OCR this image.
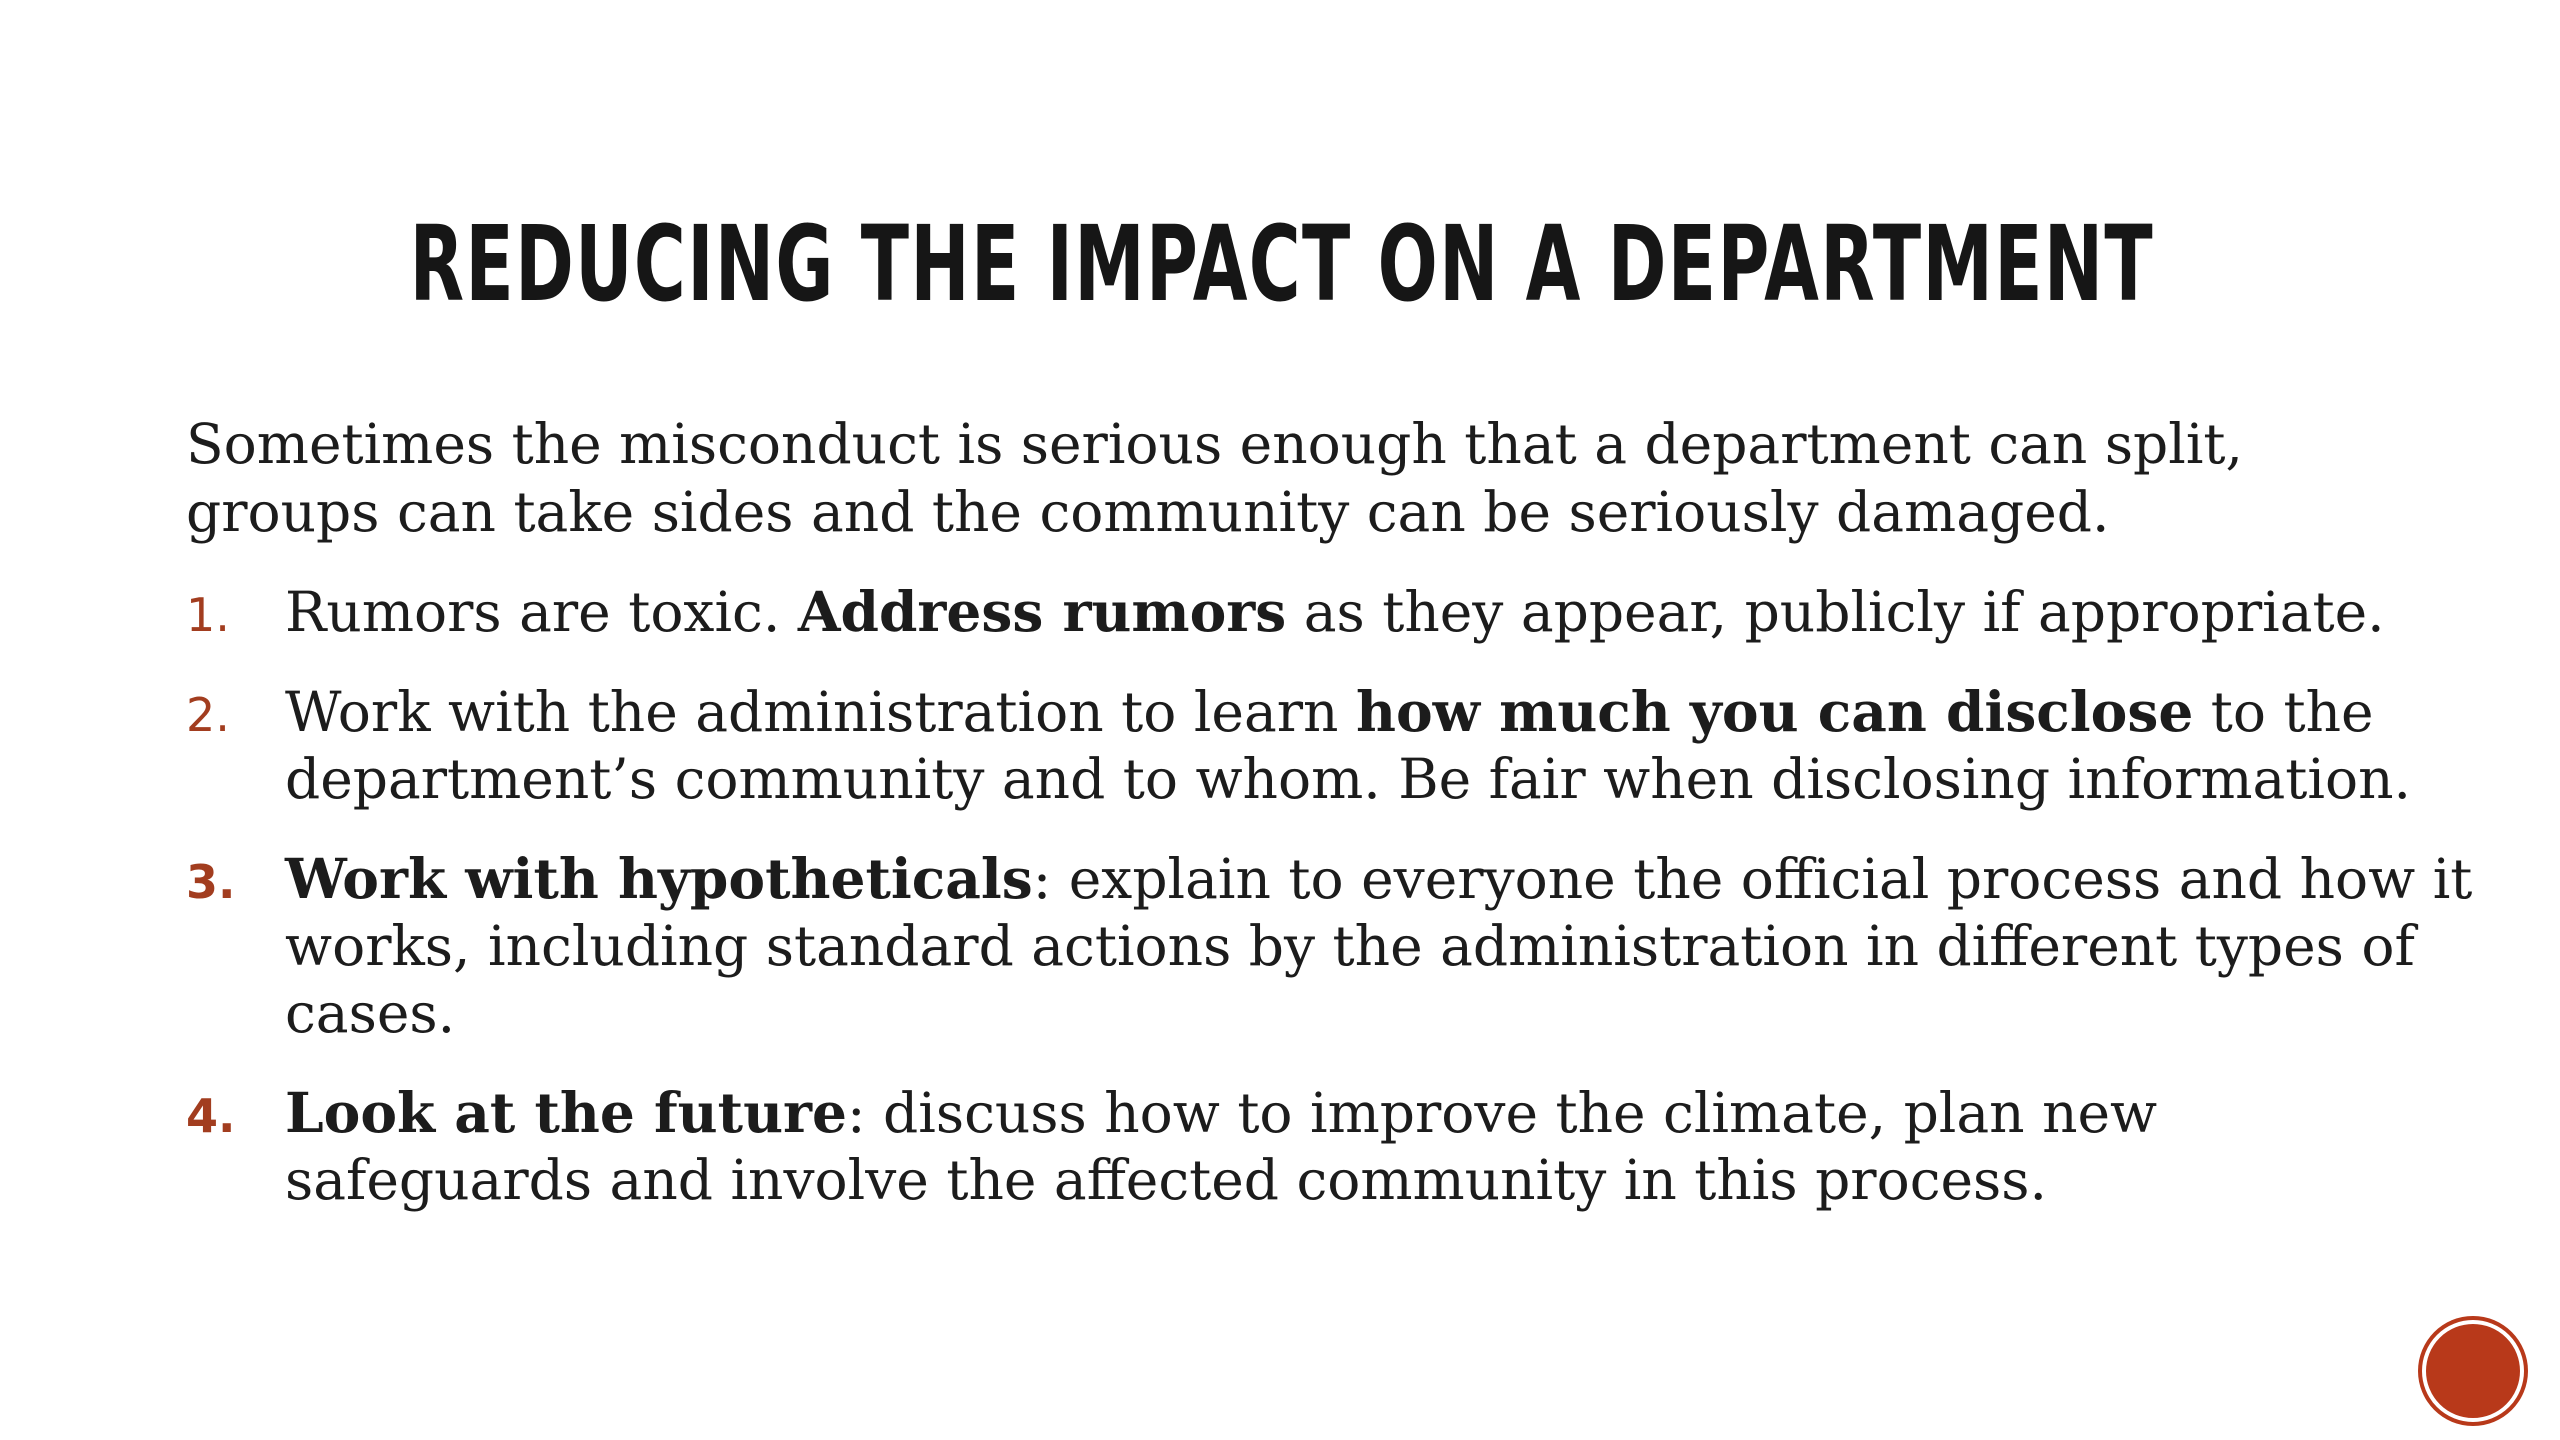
REDUCING THE IMPACT ON A DEPARTMENT
Sometimes the misconduct is serious enough that a department can split, groups can take sides and the community can be seriously damaged.
1. Rumors are toxic. Address rumors as they appear, publicly if appropriate.
2. Work with the administration to learn how much you can disclose to the department’s community and to whom. Be fair when disclosing information.
3. Work with hypotheticals: explain to everyone the official process and how it works, including standard actions by the administration in different types of cases.
4. Look at the future: discuss how to improve the climate, plan new safeguards and involve the affected community in this process.
